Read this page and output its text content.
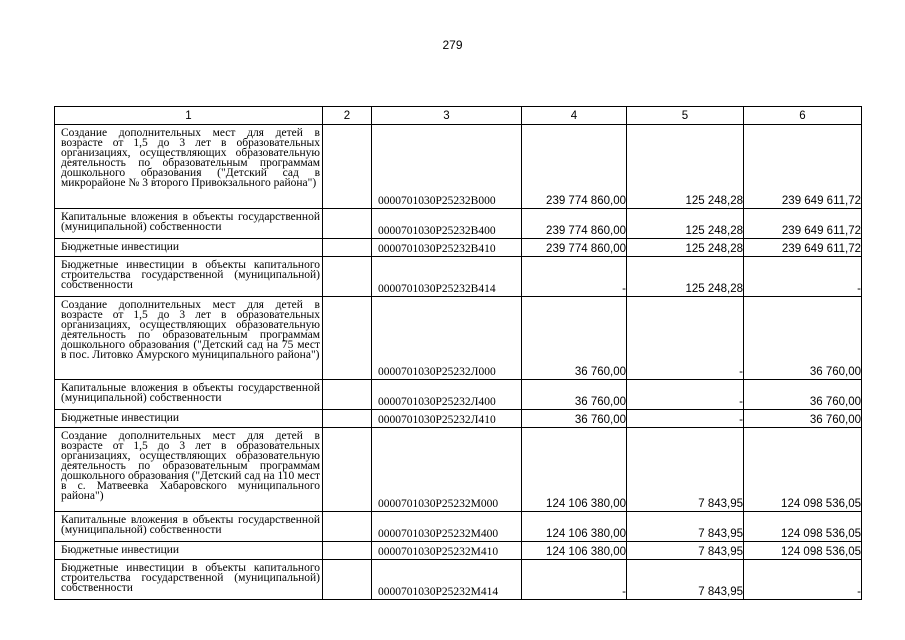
279
1	2	3	4	5	6
Создание дополнительных мест для детей в возрасте от 1,5 до 3 лет в образовательных организациях, осуществляющих образовательную деятельность по образовательным программам дошкольного образования ("Детский сад в микрорайоне № 3 второго Привокзального района")		0000701030P25232B000	239 774 860,00	125 248,28	239 649 611,72
Капитальные вложения в объекты государственной (муниципальной) собственности		0000701030P25232B400	239 774 860,00	125 248,28	239 649 611,72
Бюджетные инвестиции		0000701030P25232B410	239 774 860,00	125 248,28	239 649 611,72
Бюджетные инвестиции в объекты капитального строительства государственной (муниципальной) собственности		0000701030P25232B414	-	125 248,28	-
Создание дополнительных мест для детей в возрасте от 1,5 до 3 лет в образовательных организациях, осуществляющих образовательную деятельность по образовательным программам дошкольного образования ("Детский сад на 75 мест в пос. Литовко Амурского муниципального района")		0000701030P25232Л000	36 760,00	-	36 760,00
Капитальные вложения в объекты государственной (муниципальной) собственности		0000701030P25232Л400	36 760,00	-	36 760,00
Бюджетные инвестиции		0000701030P25232Л410	36 760,00	-	36 760,00
Создание дополнительных мест для детей в возрасте от 1,5 до 3 лет в образовательных организациях, осуществляющих образовательную деятельность по образовательным программам дошкольного образования ("Детский сад на 110 мест в с. Матвеевка Хабаровского муниципального района")		0000701030P25232M000	124 106 380,00	7 843,95	124 098 536,05
Капитальные вложения в объекты государственной (муниципальной) собственности		0000701030P25232M400	124 106 380,00	7 843,95	124 098 536,05
Бюджетные инвестиции		0000701030P25232M410	124 106 380,00	7 843,95	124 098 536,05
Бюджетные инвестиции в объекты капитального строительства государственной (муниципальной) собственности		0000701030P25232M414	-	7 843,95	-
